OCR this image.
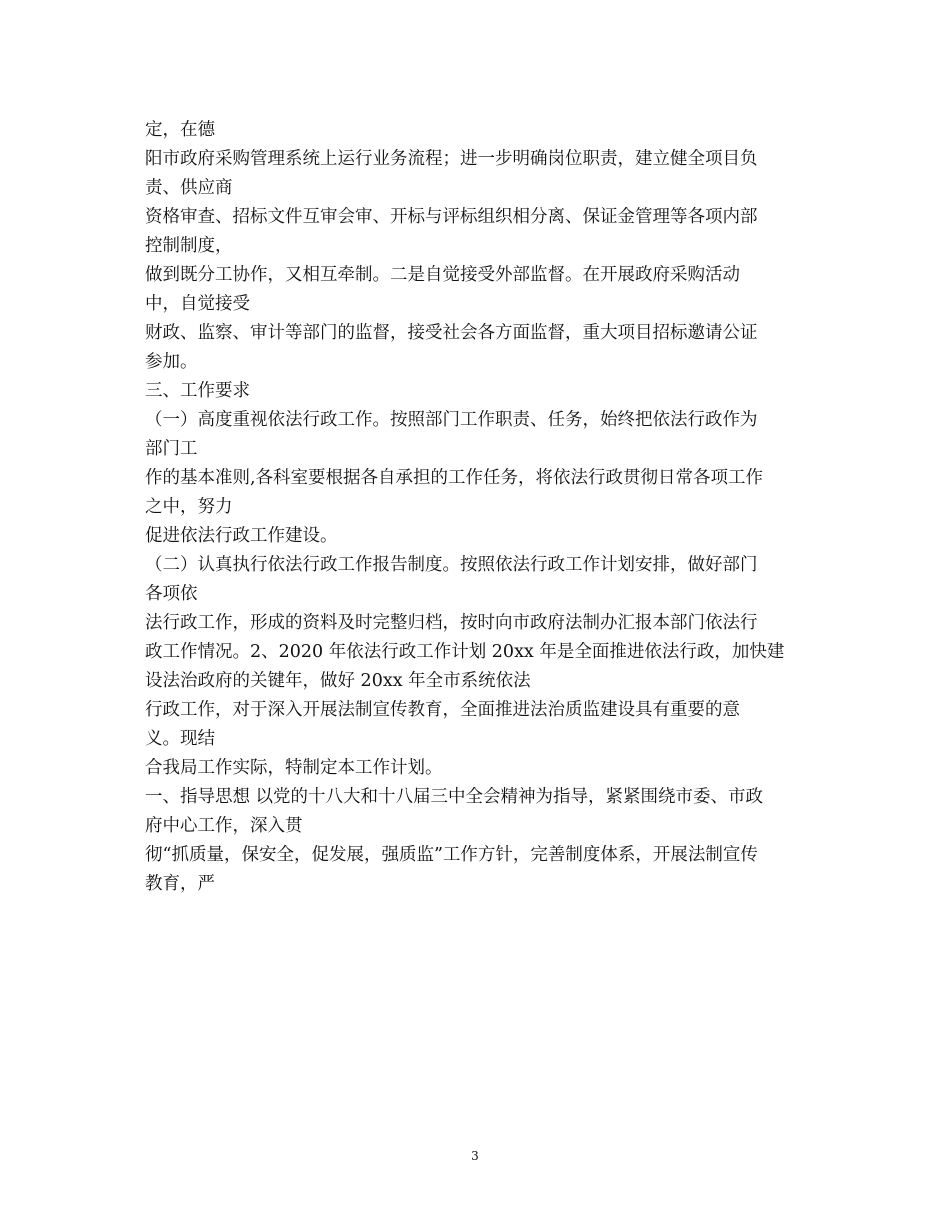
定，在德
阳市政府采购管理系统上运行业务流程；进一步明确岗位职责，建立健全项目负
责、供应商
资格审查、招标文件互审会审、开标与评标组织相分离、保证金管理等各项内部
控制制度，
做到既分工协作，又相互牵制。二是自觉接受外部监督。在开展政府采购活动
中，自觉接受
财政、监察、审计等部门的监督，接受社会各方面监督，重大项目招标邀请公证
参加。
三、工作要求
（一）高度重视依法行政工作。按照部门工作职责、任务，始终把依法行政作为
部门工
作的基本准则,各科室要根据各自承担的工作任务，将依法行政贯彻日常各项工作
之中，努力
促进依法行政工作建设。
（二）认真执行依法行政工作报告制度。按照依法行政工作计划安排，做好部门
各项依
法行政工作，形成的资料及时完整归档，按时向市政府法制办汇报本部门依法行
政工作情况。2、2020 年依法行政工作计划 20xx 年是全面推进依法行政，加快建
设法治政府的关键年，做好 20xx 年全市系统依法
行政工作，对于深入开展法制宣传教育，全面推进法治质监建设具有重要的意
义。现结
合我局工作实际，特制定本工作计划。
一、指导思想 以党的十八大和十八届三中全会精神为指导，紧紧围绕市委、市政
府中心工作，深入贯
彻“抓质量，保安全，促发展，强质监”工作方针，完善制度体系，开展法制宣传
教育，严
3
